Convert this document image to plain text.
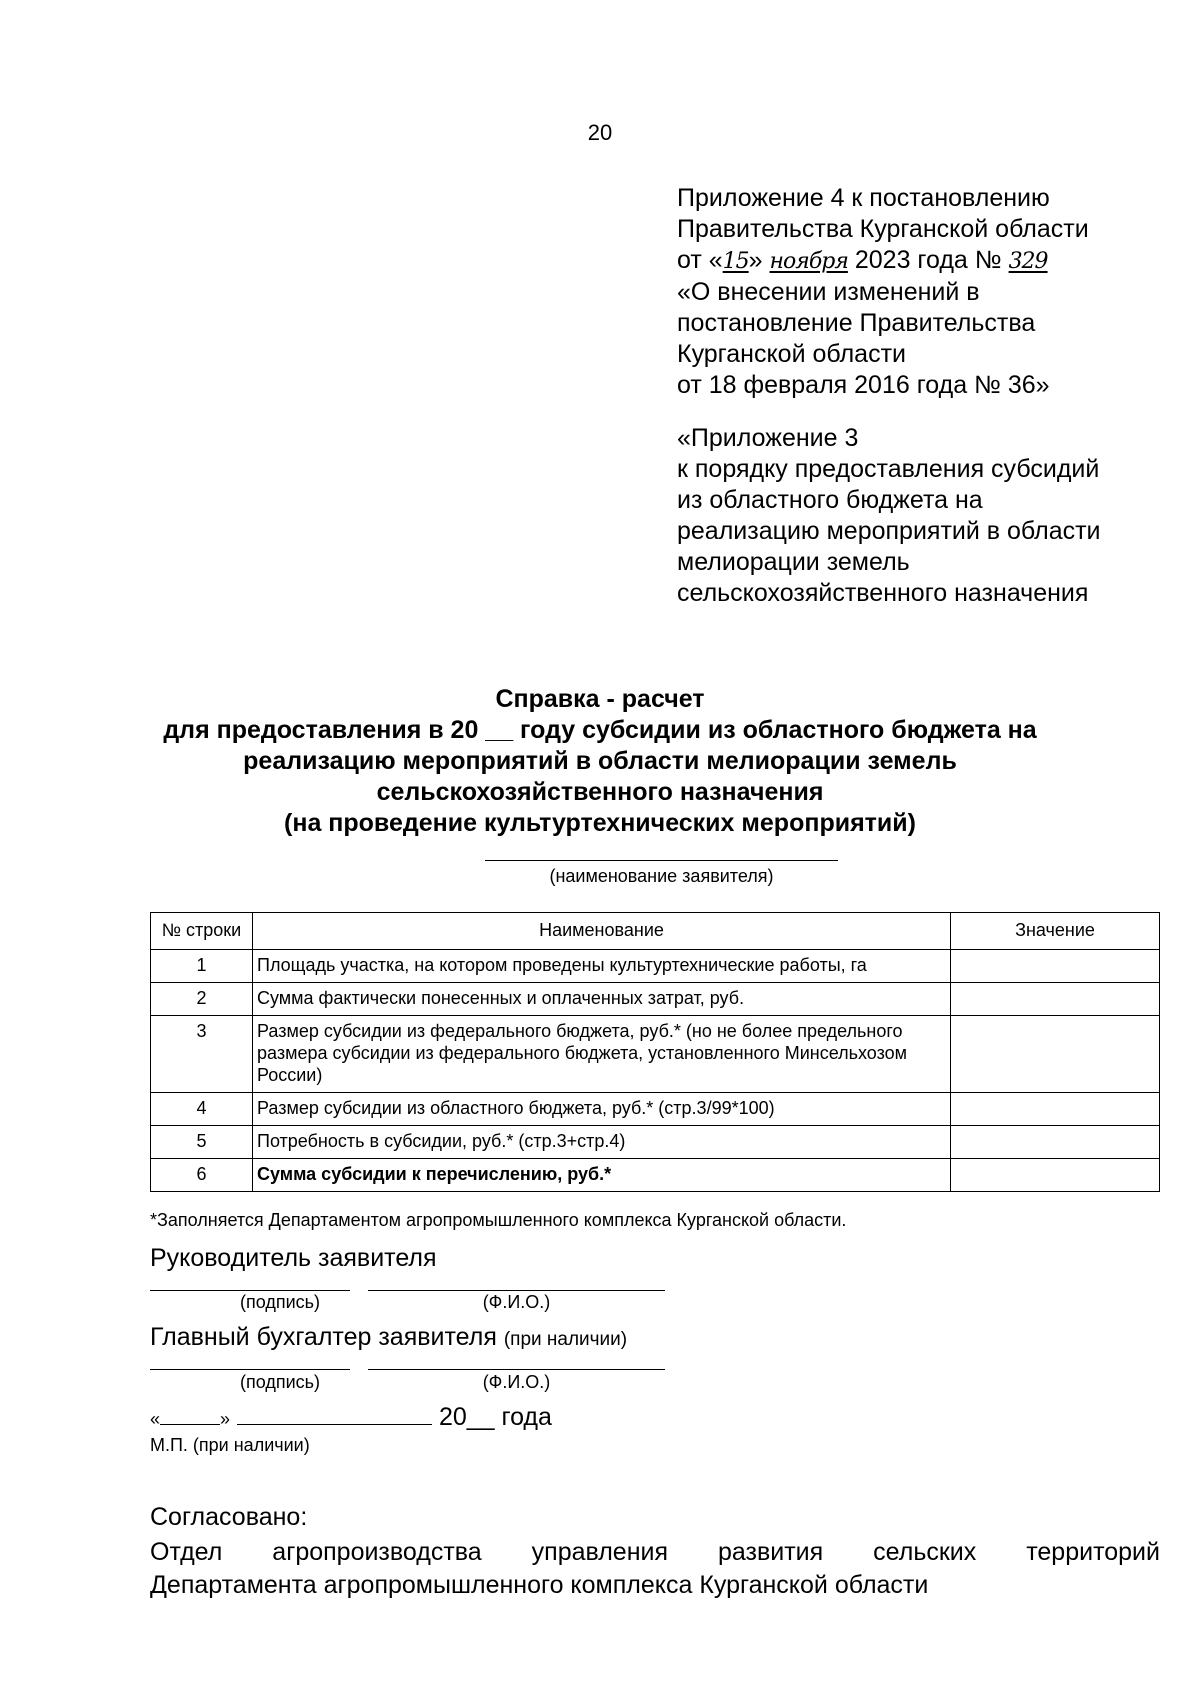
20
Приложение 4 к постановлению
Правительства Курганской области
от «15» ноября 2023 года № 329
«О внесении изменений в
постановление Правительства
Курганской области
от 18 февраля 2016 года № 36»
«Приложение 3
к порядку предоставления субсидий
из областного бюджета на
реализацию мероприятий в области
мелиорации земель
сельскохозяйственного назначения
Справка - расчет
для предоставления в 20 __ году субсидии из областного бюджета на
реализацию мероприятий в области мелиорации земель
сельскохозяйственного назначения
(на проведение культуртехнических мероприятий)
(наименование заявителя)
№ строки	Наименование	Значение
1	Площадь участка, на котором проведены культуртехнические работы, га	
2	Сумма фактически понесенных и оплаченных затрат, руб.	
3	Размер субсидии из федерального бюджета, руб.* (но не более предельного размера субсидии из федерального бюджета, установленного Минсельхозом России)	
4	Размер субсидии из областного бюджета, руб.* (стр.3/99*100)	
5	Потребность в субсидии, руб.* (стр.3+стр.4)	
6	Сумма субсидии к перечислению, руб.*	
*Заполняется Департаментом агропромышленного комплекса Курганской области.
Руководитель заявителя
(подпись)	(Ф.И.О.)
Главный бухгалтер заявителя (при наличии)
(подпись)	(Ф.И.О.)
«	»	20__ года
М.П. (при наличии)
Согласовано:
Отдел агропроизводства управления развития сельских территорий
Департамента агропромышленного комплекса Курганской области
